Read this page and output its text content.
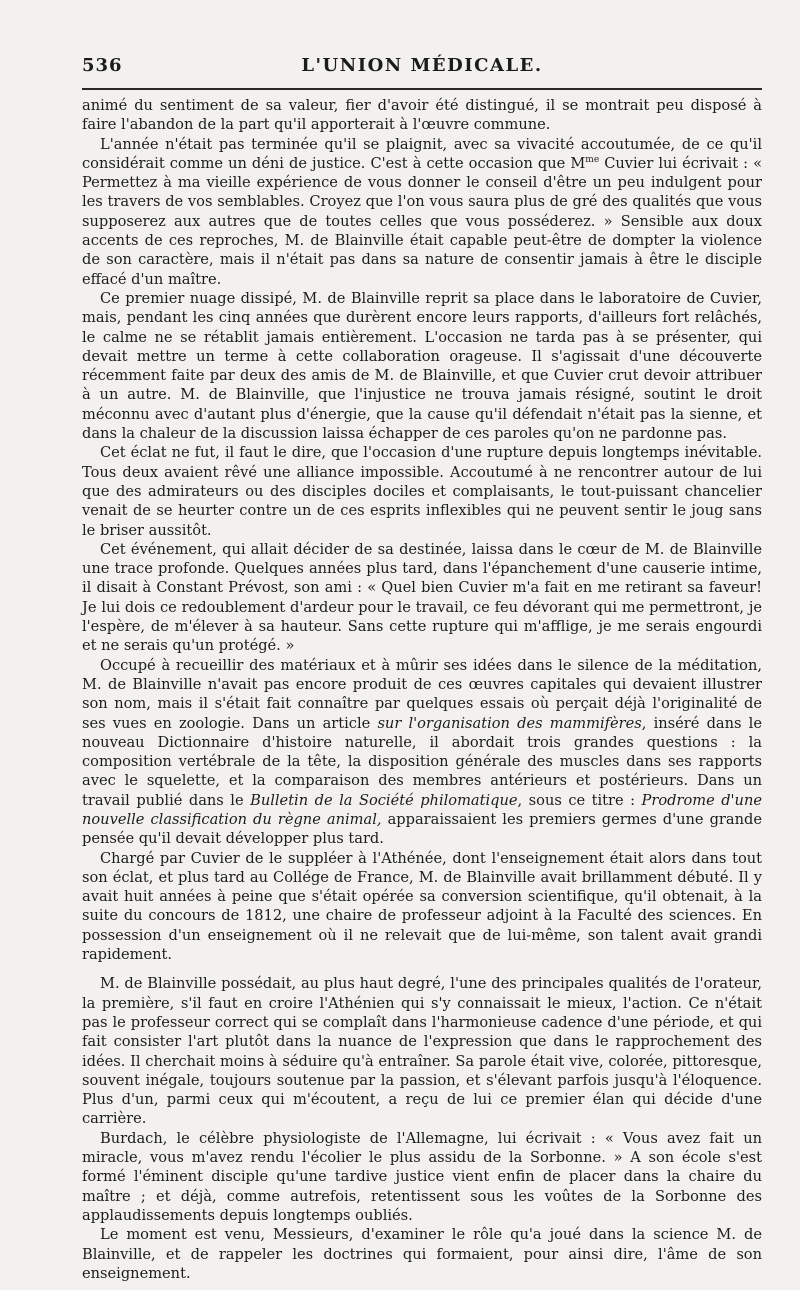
536	L'UNION MÉDICALE.

animé du sentiment de sa valeur, fier d'avoir été distingué, il se montrait peu disposé à faire l'abandon de la part qu'il apporterait à l'œuvre commune.

L'année n'était pas terminée qu'il se plaignit, avec sa vivacité accoutumée, de ce qu'il considérait comme un déni de justice. C'est à cette occasion que $M^{me}$ Cuvier lui écrivait : « Permettez à ma vieille expérience de vous donner le conseil d'être un peu indulgent pour les travers de vos semblables. Croyez que l'on vous saura plus de gré des qualités que vous supposerez aux autres que de toutes celles que vous posséderez. » Sensible aux doux accents de ces reproches, M. de Blainville était capable peut-être de dompter la violence de son caractère, mais il n'était pas dans sa nature de consentir jamais à être le disciple effacé d'un maître.

Ce premier nuage dissipé, M. de Blainville reprit sa place dans le laboratoire de Cuvier, mais, pendant les cinq années que durèrent encore leurs rapports, d'ailleurs fort relâchés, le calme ne se rétablit jamais entièrement. L'occasion ne tarda pas à se présenter, qui devait mettre un terme à cette collaboration orageuse. Il s'agissait d'une découverte récemment faite par deux des amis de M. de Blainville, et que Cuvier crut devoir attribuer à un autre. M. de Blainville, que l'injustice ne trouva jamais résigné, soutint le droit méconnu avec d'autant plus d'énergie, que la cause qu'il défendait n'était pas la sienne, et dans la chaleur de la discussion laissa échapper de ces paroles qu'on ne pardonne pas.

Cet éclat ne fut, il faut le dire, que l'occasion d'une rupture depuis longtemps inévitable. Tous deux avaient rêvé une alliance impossible. Accoutumé à ne rencontrer autour de lui que des admirateurs ou des disciples dociles et complaisants, le tout-puissant chancelier venait de se heurter contre un de ces esprits inflexibles qui ne peuvent sentir le joug sans le briser aussitôt.

Cet événement, qui allait décider de sa destinée, laissa dans le cœur de M. de Blainville une trace profonde. Quelques années plus tard, dans l'épanchement d'une causerie intime, il disait à Constant Prévost, son ami : « Quel bien Cuvier m'a fait en me retirant sa faveur! Je lui dois ce redoublement d'ardeur pour le travail, ce feu dévorant qui me permettront, je l'espère, de m'élever à sa hauteur. Sans cette rupture qui m'afflige, je me serais engourdi et ne serais qu'un protégé. »

Occupé à recueillir des matériaux et à mûrir ses idées dans le silence de la méditation, M. de Blainville n'avait pas encore produit de ces œuvres capitales qui devaient illustrer son nom, mais il s'était fait connaître par quelques essais où perçait déjà l'originalité de ses vues en zoologie. Dans un article sur l'organisation des mammifères, inséré dans le nouveau Dictionnaire d'histoire naturelle, il abordait trois grandes questions : la composition vertébrale de la tête, la disposition générale des muscles dans ses rapports avec le squelette, et la comparaison des membres antérieurs et postérieurs. Dans un travail publié dans le Bulletin de la Société philomatique, sous ce titre : Prodrome d'une nouvelle classification du règne animal, apparaissaient les premiers germes d'une grande pensée qu'il devait développer plus tard.

Chargé par Cuvier de le suppléer à l'Athénée, dont l'enseignement était alors dans tout son éclat, et plus tard au Collége de France, M. de Blainville avait brillamment débuté. Il y avait huit années à peine que s'était opérée sa conversion scientifique, qu'il obtenait, à la suite du concours de 1812, une chaire de professeur adjoint à la Faculté des sciences. En possession d'un enseignement où il ne relevait que de lui-même, son talent avait grandi rapidement.

M. de Blainville possédait, au plus haut degré, l'une des principales qualités de l'orateur, la première, s'il faut en croire l'Athénien qui s'y connaissait le mieux, l'action. Ce n'était pas le professeur correct qui se complaît dans l'harmonieuse cadence d'une période, et qui fait consister l'art plutôt dans la nuance de l'expression que dans le rapprochement des idées. Il cherchait moins à séduire qu'à entraîner. Sa parole était vive, colorée, pittoresque, souvent inégale, toujours soutenue par la passion, et s'élevant parfois jusqu'à l'éloquence. Plus d'un, parmi ceux qui m'écoutent, a reçu de lui ce premier élan qui décide d'une carrière.

Burdach, le célèbre physiologiste de l'Allemagne, lui écrivait : « Vous avez fait un miracle, vous m'avez rendu l'écolier le plus assidu de la Sorbonne. » A son école s'est formé l'éminent disciple qu'une tardive justice vient enfin de placer dans la chaire du maître ; et déjà, comme autrefois, retentissent sous les voûtes de la Sorbonne des applaudissements depuis longtemps oubliés.

Le moment est venu, Messieurs, d'examiner le rôle qu'a joué dans la science M. de Blainville, et de rappeler les doctrines qui formaient, pour ainsi dire, l'âme de son enseignement.
